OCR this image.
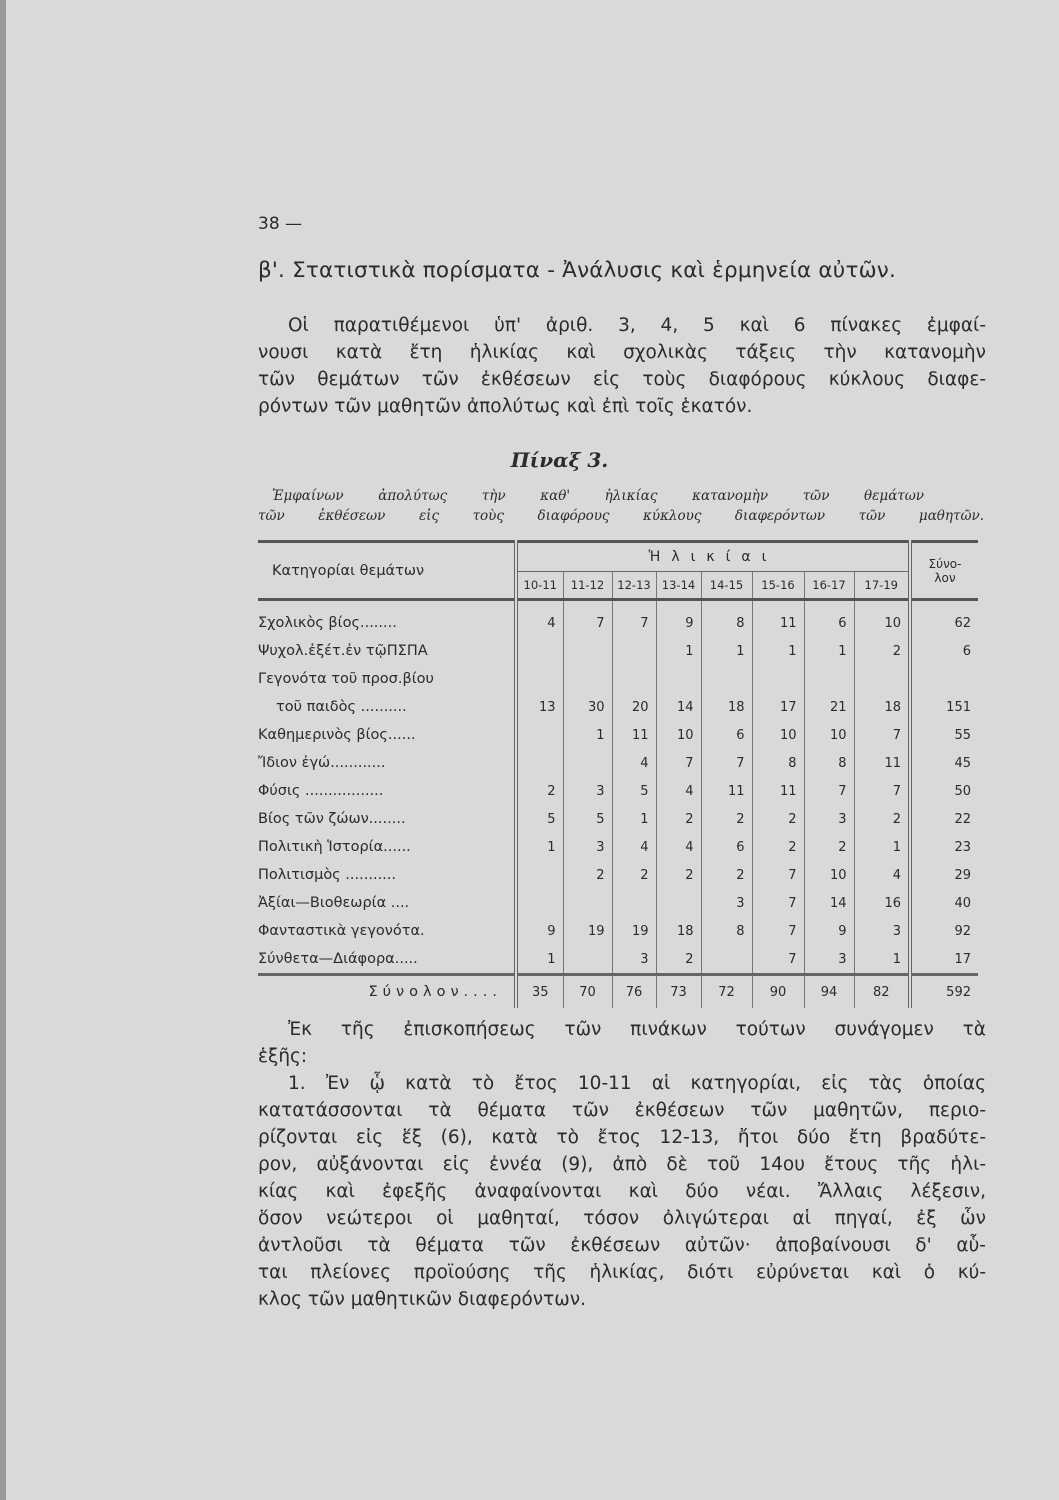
38 —
β'. Στατιστικὰ πορίσματα - Ἀνάλυσις καὶ ἑρμηνεία αὐτῶν.
Οἱ παρατιθέμενοι ὑπ' ἀριθ. 3, 4, 5 καὶ 6 πίνακες ἐμφαί-
νουσι κατὰ ἔτη ἡλικίας καὶ σχολικὰς τάξεις τὴν κατανομὴν
τῶν θεμάτων τῶν ἐκθέσεων εἰς τοὺς διαφόρους κύκλους διαφε-
ρόντων τῶν μαθητῶν ἀπολύτως καὶ ἐπὶ τοῖς ἑκατόν.
Πίναξ 3.
Ἐμφαίνων ἀπολύτως τὴν καθ' ἡλικίας κατανομὴν τῶν θεμάτων
τῶν ἐκθέσεων εἰς τοὺς διαφόρους κύκλους διαφερόντων τῶν μαθητῶν.
Κατηγορίαι θεμάτων	Ἡλικίαι								Σύνο-λον
	10-11	11-12	12-13	13-14	14-15	15-16	16-17	17-19	
Σχολικὸς βίος........	4	7	7	9	8	11	6	10	62
Ψυχολ.ἐξέτ.ἐν τῷΠΣΠΑ				1	1	1	1	2	6
Γεγονότα τοῦ προσ.βίου									
τοῦ παιδὸς ..........	13	30	20	14	18	17	21	18	151
Καθημερινὸς βίος......		1	11	10	6	10	10	7	55
Ἴδιον ἐγώ............			4	7	7	8	8	11	45
Φύσις .................	2	3	5	4	11	11	7	7	50
Βίος τῶν ζώων........	5	5	1	2	2	2	3	2	22
Πολιτικὴ Ἱστορία......	1	3	4	4	6	2	2	1	23
Πολιτισμὸς ...........		2	2	2	2	7	10	4	29
Ἀξίαι—Βιοθεωρία ....					3	7	14	16	40
Φανταστικὰ γεγονότα.	9	19	19	18	8	7	9	3	92
Σύνθετα—Διάφορα.....	1		3	2		7	3	1	17
Σύνολον....	35	70	76	73	72	90	94	82	592
Ἐκ τῆς ἐπισκοπήσεως τῶν πινάκων τούτων συνάγομεν τὰ
ἑξῆς:
1. Ἐν ᾧ κατὰ τὸ ἔτος 10-11 αἱ κατηγορίαι, εἰς τὰς ὁποίας
κατατάσσονται τὰ θέματα τῶν ἐκθέσεων τῶν μαθητῶν, περιο-
ρίζονται εἰς ἕξ (6), κατὰ τὸ ἔτος 12-13, ἤτοι δύο ἔτη βραδύτε-
ρον, αὐξάνονται εἰς ἐννέα (9), ἀπὸ δὲ τοῦ 14ου ἔτους τῆς ἡλι-
κίας καὶ ἐφεξῆς ἀναφαίνονται καὶ δύο νέαι. Ἄλλαις λέξεσιν,
ὅσον νεώτεροι οἱ μαθηταί, τόσον ὀλιγώτεραι αἱ πηγαί, ἐξ ὧν
ἀντλοῦσι τὰ θέματα τῶν ἐκθέσεων αὐτῶν· ἀποβαίνουσι δ' αὗ-
ται πλείονες προϊούσης τῆς ἡλικίας, διότι εὐρύνεται καὶ ὁ κύ-
κλος τῶν μαθητικῶν διαφερόντων.
